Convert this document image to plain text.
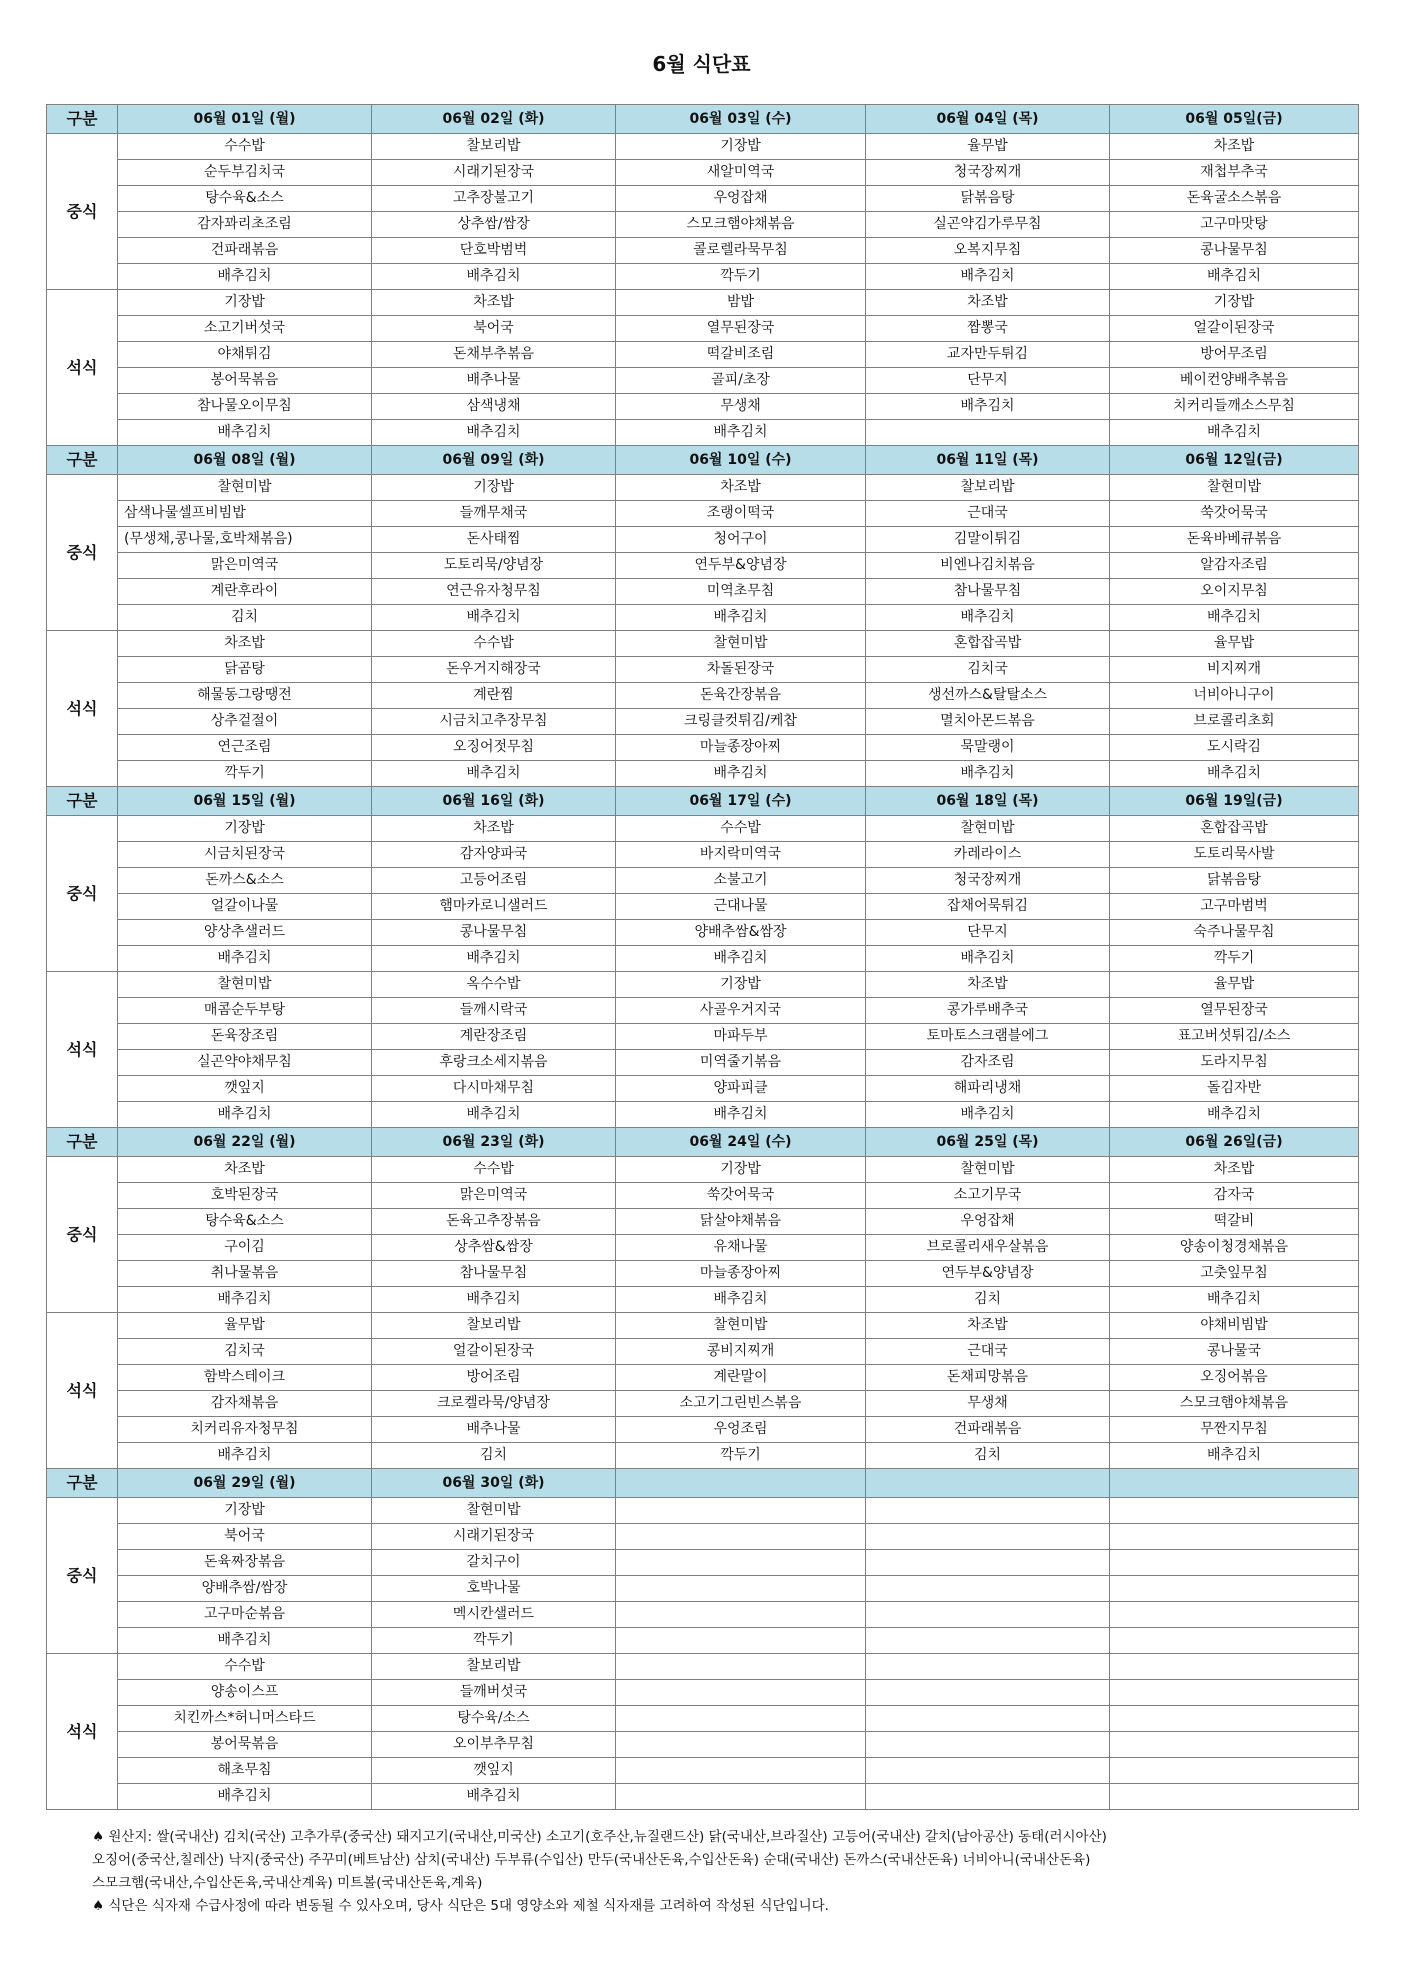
6월 식단표
구분	06월 01일 (월)	06월 02일 (화)	06월 03일 (수)	06월 04일 (목)	06월 05일(금)
중식	수수밥	찰보리밥	기장밥	율무밥	차조밥
	순두부김치국	시래기된장국	새알미역국	청국장찌개	재첩부추국
	탕수육&소스	고추장불고기	우엉잡채	닭볶음탕	돈육굴소스볶음
	감자꽈리초조림	상추쌈/쌈장	스모크햄야채볶음	실곤약김가루무침	고구마맛탕
	건파래볶음	단호박범벅	콜로렐라묵무침	오복지무침	콩나물무침
	배추김치	배추김치	깍두기	배추김치	배추김치
석식	기장밥	차조밥	밤밥	차조밥	기장밥
	소고기버섯국	북어국	열무된장국	짬뽕국	얼갈이된장국
	야채튀김	돈채부추볶음	떡갈비조림	교자만두튀김	방어무조림
	봉어묵볶음	배추나물	골피/초장	단무지	베이컨양배추볶음
	참나물오이무침	삼색냉채	무생채	배추김치	치커리들깨소스무침
	배추김치	배추김치	배추김치		배추김치
구분	06월 08일 (월)	06월 09일 (화)	06월 10일 (수)	06월 11일 (목)	06월 12일(금)
중식	찰현미밥	기장밥	차조밥	찰보리밥	찰현미밥
	삼색나물셀프비빔밥	들깨무채국	조랭이떡국	근대국	쑥갓어묵국
	(무생채,콩나물,호박채볶음)	돈사태찜	청어구이	김말이튀김	돈육바베큐볶음
	맑은미역국	도토리묵/양념장	연두부&양념장	비엔나김치볶음	알감자조림
	계란후라이	연근유자청무침	미역초무침	참나물무침	오이지무침
	김치	배추김치	배추김치	배추김치	배추김치
석식	차조밥	수수밥	찰현미밥	혼합잡곡밥	율무밥
	닭곰탕	돈우거지해장국	차돌된장국	김치국	비지찌개
	해물동그랑땡전	계란찜	돈육간장볶음	생선까스&탈탈소스	너비아니구이
	상추겉절이	시금치고추장무침	크링클컷튀김/케찹	멸치아몬드볶음	브로콜리초회
	연근조림	오징어젓무침	마늘종장아찌	묵말랭이	도시락김
	깍두기	배추김치	배추김치	배추김치	배추김치
구분	06월 15일 (월)	06월 16일 (화)	06월 17일 (수)	06월 18일 (목)	06월 19일(금)
중식	기장밥	차조밥	수수밥	찰현미밥	혼합잡곡밥
	시금치된장국	감자양파국	바지락미역국	카레라이스	도토리묵사발
	돈까스&소스	고등어조림	소불고기	청국장찌개	닭볶음탕
	얼갈이나물	햄마카로니샐러드	근대나물	잡채어묵튀김	고구마범벅
	양상추샐러드	콩나물무침	양배추쌈&쌈장	단무지	숙주나물무침
	배추김치	배추김치	배추김치	배추김치	깍두기
석식	찰현미밥	옥수수밥	기장밥	차조밥	율무밥
	매콤순두부탕	들깨시락국	사골우거지국	콩가루배추국	열무된장국
	돈육장조림	계란장조림	마파두부	토마토스크램블에그	표고버섯튀김/소스
	실곤약야채무침	후랑크소세지볶음	미역줄기볶음	감자조림	도라지무침
	깻잎지	다시마채무침	양파피클	해파리냉채	돌김자반
	배추김치	배추김치	배추김치	배추김치	배추김치
구분	06월 22일 (월)	06월 23일 (화)	06월 24일 (수)	06월 25일 (목)	06월 26일(금)
중식	차조밥	수수밥	기장밥	찰현미밥	차조밥
	호박된장국	맑은미역국	쑥갓어묵국	소고기무국	감자국
	탕수육&소스	돈육고추장볶음	닭살야채볶음	우엉잡채	떡갈비
	구이김	상추쌈&쌈장	유채나물	브로콜리새우살볶음	양송이청경채볶음
	취나물볶음	참나물무침	마늘종장아찌	연두부&양념장	고춧잎무침
	배추김치	배추김치	배추김치	김치	배추김치
석식	율무밥	찰보리밥	찰현미밥	차조밥	야채비빔밥
	김치국	얼갈이된장국	콩비지찌개	근대국	콩나물국
	함박스테이크	방어조림	계란말이	돈채피망볶음	오징어볶음
	감자채볶음	크로켈라묵/양념장	소고기그린빈스볶음	무생채	스모크햄야채볶음
	치커리유자청무침	배추나물	우엉조림	건파래볶음	무짠지무침
	배추김치	김치	깍두기	김치	배추김치
구분	06월 29일 (월)	06월 30일 (화)			
중식	기장밥	찰현미밥			
	북어국	시래기된장국			
	돈육짜장볶음	갈치구이			
	양배추쌈/쌈장	호박나물			
	고구마순볶음	멕시칸샐러드			
	배추김치	깍두기			
석식	수수밥	찰보리밥			
	양송이스프	들깨버섯국			
	치킨까스*허니머스타드	탕수육/소스			
	봉어묵볶음	오이부추무침			
	해초무침	깻잎지			
	배추김치	배추김치			
♠ 원산지: 쌀(국내산) 김치(국산) 고추가루(중국산) 돼지고기(국내산,미국산) 소고기(호주산,뉴질랜드산) 닭(국내산,브라질산) 고등어(국내산) 갈치(남아공산) 동태(러시아산)
오징어(중국산,칠레산) 낙지(중국산) 주꾸미(베트남산) 삼치(국내산) 두부류(수입산) 만두(국내산돈육,수입산돈육) 순대(국내산) 돈까스(국내산돈육) 너비아니(국내산돈육)
스모크햄(국내산,수입산돈육,국내산계육) 미트볼(국내산돈육,계육)
♠ 식단은 식자재 수급사정에 따라 변동될 수 있사오며, 당사 식단은 5대 영양소와 제철 식자재를 고려하여 작성된 식단입니다.
